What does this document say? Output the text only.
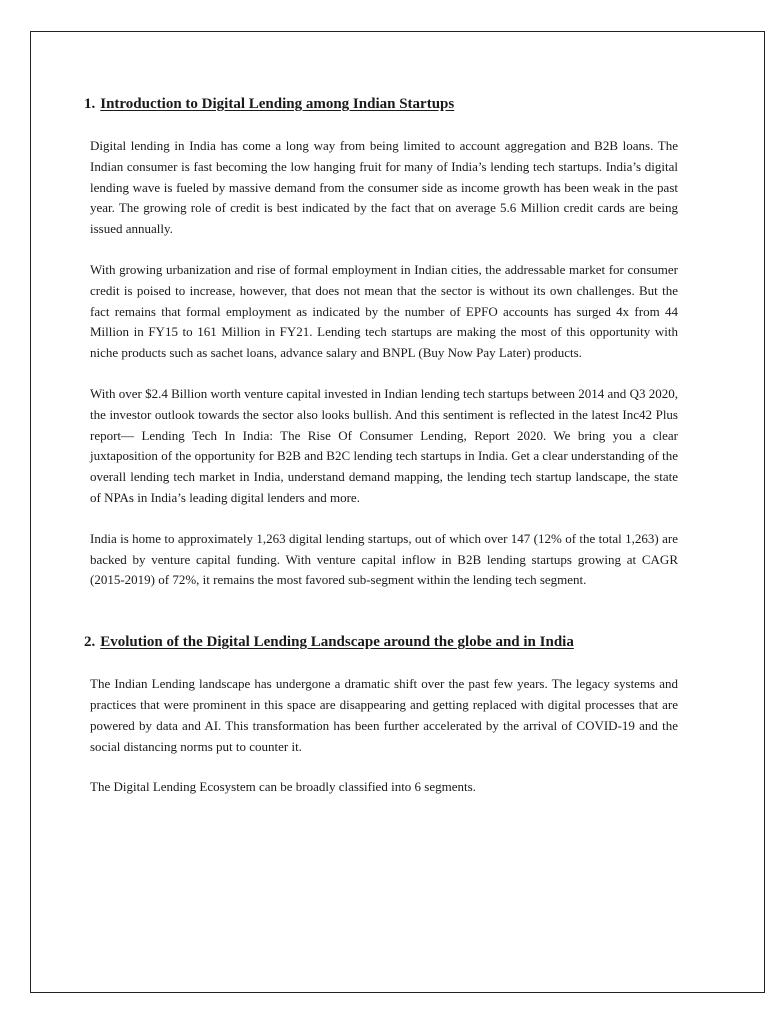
1. Introduction to Digital Lending among Indian Startups

Digital lending in India has come a long way from being limited to account aggregation and B2B loans. The Indian consumer is fast becoming the low hanging fruit for many of India’s lending tech startups. India’s digital lending wave is fueled by massive demand from the consumer side as income growth has been weak in the past year. The growing role of credit is best indicated by the fact that on average 5.6 Million credit cards are being issued annually.

With growing urbanization and rise of formal employment in Indian cities, the addressable market for consumer credit is poised to increase, however, that does not mean that the sector is without its own challenges. But the fact remains that formal employment as indicated by the number of EPFO accounts has surged 4x from 44 Million in FY15 to 161 Million in FY21. Lending tech startups are making the most of this opportunity with niche products such as sachet loans, advance salary and BNPL (Buy Now Pay Later) products.

With over $2.4 Billion worth venture capital invested in Indian lending tech startups between 2014 and Q3 2020, the investor outlook towards the sector also looks bullish. And this sentiment is reflected in the latest Inc42 Plus report— Lending Tech In India: The Rise Of Consumer Lending, Report 2020. We bring you a clear juxtaposition of the opportunity for B2B and B2C lending tech startups in India. Get a clear understanding of the overall lending tech market in India, understand demand mapping, the lending tech startup landscape, the state of NPAs in India’s leading digital lenders and more.

India is home to approximately 1,263 digital lending startups, out of which over 147 (12% of the total 1,263) are backed by venture capital funding. With venture capital inflow in B2B lending startups growing at CAGR (2015-2019) of 72%, it remains the most favored sub-segment within the lending tech segment.

2. Evolution of the Digital Lending Landscape around the globe and in India

The Indian Lending landscape has undergone a dramatic shift over the past few years. The legacy systems and practices that were prominent in this space are disappearing and getting replaced with digital processes that are powered by data and AI. This transformation has been further accelerated by the arrival of COVID-19 and the social distancing norms put to counter it.

The Digital Lending Ecosystem can be broadly classified into 6 segments.
